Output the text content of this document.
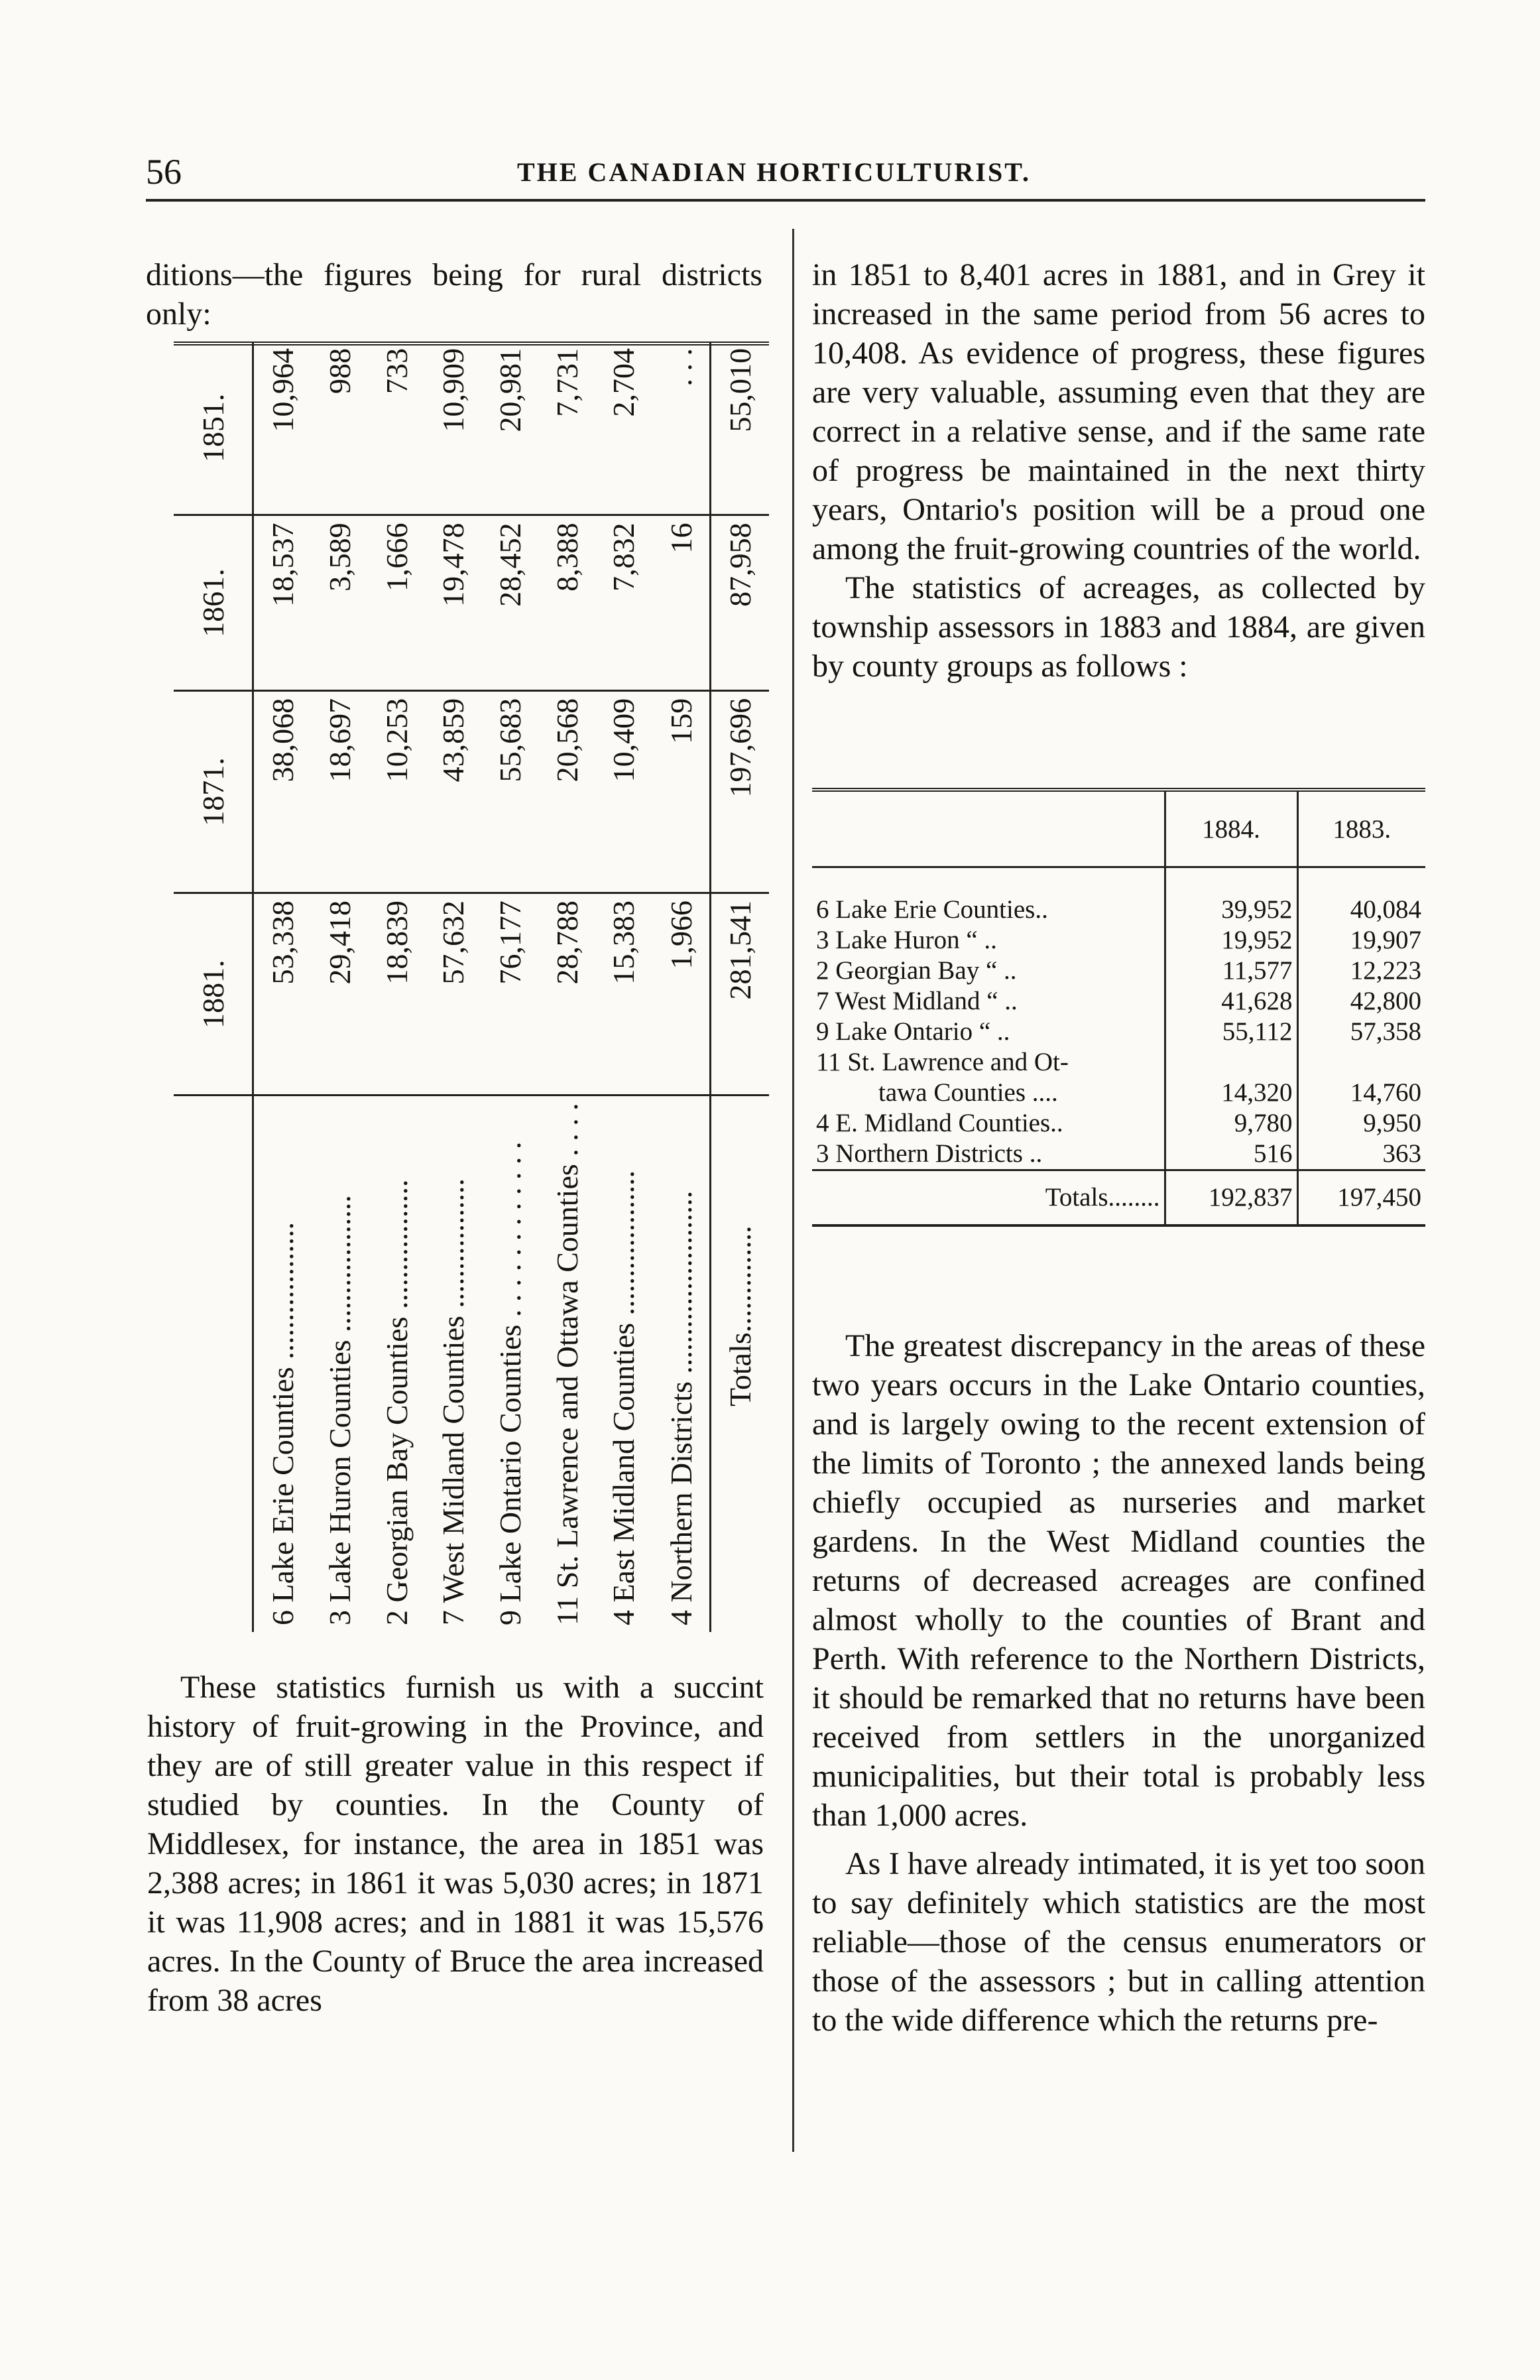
56	THE CANADIAN HORTICULTURIST.

ditions—the figures being for rural districts only:

	1881.	1871.	1861.	1851.
6 Lake Erie Counties ..................	53,338	38,068	18,537	10,964
3 Lake Huron Counties ..................	29,418	18,697	3,589	988
2 Georgian Bay Counties .................	18,839	10,253	1,666	733
7 West Midland Counties .................	57,632	43,859	19,478	10,909
9 Lake Ontario Counties . . . . . . . . . . . .	76,177	55,683	28,452	20,981
11 St. Lawrence and Ottawa Counties . . . .	28,788	20,568	8,388	7,731
4 East Midland Counties ...................	15,383	10,409	7,832	2,704
4 Northern Districts ........................	1,966	159	16	. . .
Totals..............	281,541	197,696	87,958	55,010

These statistics furnish us with a succint history of fruit-growing in the Province, and they are of still greater value in this respect if studied by counties. In the County of Middlesex, for instance, the area in 1851 was 2,388 acres; in 1861 it was 5,030 acres; in 1871 it was 11,908 acres; and in 1881 it was 15,576 acres. In the County of Bruce the area increased from 38 acres

in 1851 to 8,401 acres in 1881, and in Grey it increased in the same period from 56 acres to 10,408. As evidence of progress, these figures are very valuable, assuming even that they are correct in a relative sense, and if the same rate of progress be maintained in the next thirty years, Ontario's position will be a proud one among the fruit-growing countries of the world.

The statistics of acreages, as collected by township assessors in 1883 and 1884, are given by county groups as follows :

	1884.	1883.

6 Lake Erie Counties..	39,952	40,084
3 Lake Huron “ ..	19,952	19,907
2 Georgian Bay “ ..	11,577	12,223
7 West Midland “ ..	41,628	42,800
9 Lake Ontario “ ..	55,112	57,358
11 St. Lawrence and Ot-		
tawa Counties ....	14,320	14,760
4 E. Midland Counties..	9,780	9,950
3 Northern Districts ..	516	363
Totals........	192,837	197,450

The greatest discrepancy in the areas of these two years occurs in the Lake Ontario counties, and is largely owing to the recent extension of the limits of Toronto ; the annexed lands being chiefly occupied as nurseries and market gardens. In the West Midland counties the returns of decreased acreages are confined almost wholly to the counties of Brant and Perth. With reference to the Northern Districts, it should be remarked that no returns have been received from settlers in the unorganized municipalities, but their total is probably less than 1,000 acres.

As I have already intimated, it is yet too soon to say definitely which statistics are the most reliable—those of the census enumerators or those of the assessors ; but in calling attention to the wide difference which the returns pre-
